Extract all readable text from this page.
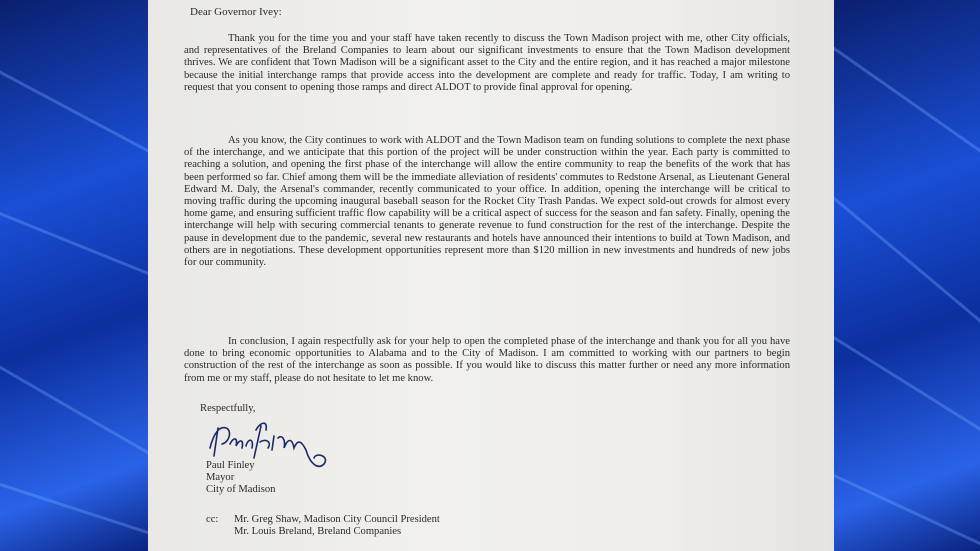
Dear Governor Ivey:
Thank you for the time you and your staff have taken recently to discuss the Town Madison project with me, other City officials, and representatives of the Breland Companies to learn about our significant investments to ensure that the Town Madison development thrives. We are confident that Town Madison will be a significant asset to the City and the entire region, and it has reached a major milestone because the initial interchange ramps that provide access into the development are complete and ready for traffic. Today, I am writing to request that you consent to opening those ramps and direct ALDOT to provide final approval for opening.
As you know, the City continues to work with ALDOT and the Town Madison team on funding solutions to complete the next phase of the interchange, and we anticipate that this portion of the project will be under construction within the year. Each party is committed to reaching a solution, and opening the first phase of the interchange will allow the entire community to reap the benefits of the work that has been performed so far. Chief among them will be the immediate alleviation of residents' commutes to Redstone Arsenal, as Lieutenant General Edward M. Daly, the Arsenal's commander, recently communicated to your office. In addition, opening the interchange will be critical to moving traffic during the upcoming inaugural baseball season for the Rocket City Trash Pandas. We expect sold-out crowds for almost every home game, and ensuring sufficient traffic flow capability will be a critical aspect of success for the season and fan safety. Finally, opening the interchange will help with securing commercial tenants to generate revenue to fund construction for the rest of the interchange. Despite the pause in development due to the pandemic, several new restaurants and hotels have announced their intentions to build at Town Madison, and others are in negotiations. These development opportunities represent more than $120 million in new investments and hundreds of new jobs for our community.
In conclusion, I again respectfully ask for your help to open the completed phase of the interchange and thank you for all you have done to bring economic opportunities to Alabama and to the City of Madison. I am committed to working with our partners to begin construction of the rest of the interchange as soon as possible. If you would like to discuss this matter further or need any more information from me or my staff, please do not hesitate to let me know.
Respectfully,
Paul Finley
Mayor
City of Madison
cc: Mr. Greg Shaw, Madison City Council President
Mr. Louis Breland, Breland Companies
